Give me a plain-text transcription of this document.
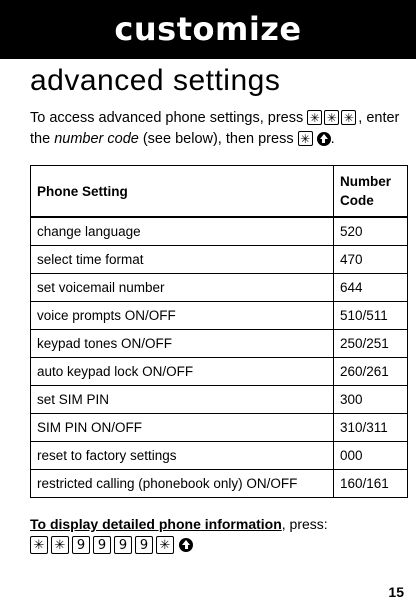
customize
advanced settings
To access advanced phone settings, press ✳ ✳ ✳	, enter the number code (see below), then press ✳.
Phone Setting	Number Code
change language	520
select time format	470
set voicemail number	644
voice prompts ON/OFF	510/511
keypad tones ON/OFF	250/251
auto keypad lock ON/OFF	260/261
set SIM PIN	300
SIM PIN ON/OFF	310/311
reset to factory settings	000
restricted calling (phonebook only) ON/OFF	160/161
To display detailed phone information, press:
✳
✳
9
9
9
9
✳
15
